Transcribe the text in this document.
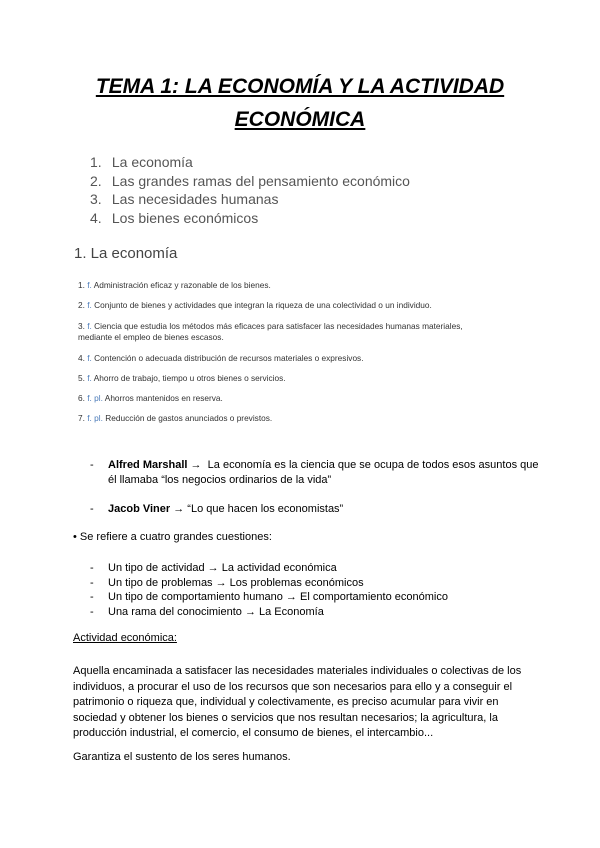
TEMA 1: LA ECONOMÍA Y LA ACTIVIDAD ECONÓMICA
1. La economía
2. Las grandes ramas del pensamiento económico
3. Las necesidades humanas
4. Los bienes económicos
1. La economía
1. f. Administración eficaz y razonable de los bienes.
2. f. Conjunto de bienes y actividades que integran la riqueza de una colectividad o un individuo.
3. f. Ciencia que estudia los métodos más eficaces para satisfacer las necesidades humanas materiales, mediante el empleo de bienes escasos.
4. f. Contención o adecuada distribución de recursos materiales o expresivos.
5. f. Ahorro de trabajo, tiempo u otros bienes o servicios.
6. f. pl. Ahorros mantenidos en reserva.
7. f. pl. Reducción de gastos anunciados o previstos.
- Alfred Marshall → La economía es la ciencia que se ocupa de todos esos asuntos que él llamaba “los negocios ordinarios de la vida”
- Jacob Viner → “Lo que hacen los economistas”
• Se refiere a cuatro grandes cuestiones:
- Un tipo de actividad → La actividad económica
- Un tipo de problemas → Los problemas económicos
- Un tipo de comportamiento humano → El comportamiento económico
- Una rama del conocimiento → La Economía
Actividad económica:

Aquella encaminada a satisfacer las necesidades materiales individuales o colectivas de los individuos, a procurar el uso de los recursos que son necesarios para ello y a conseguir el patrimonio o riqueza que, individual y colectivamente, es preciso acumular para vivir en sociedad y obtener los bienes o servicios que nos resultan necesarios; la agricultura, la producción industrial, el comercio, el consumo de bienes, el intercambio...

Garantiza el sustento de los seres humanos.
